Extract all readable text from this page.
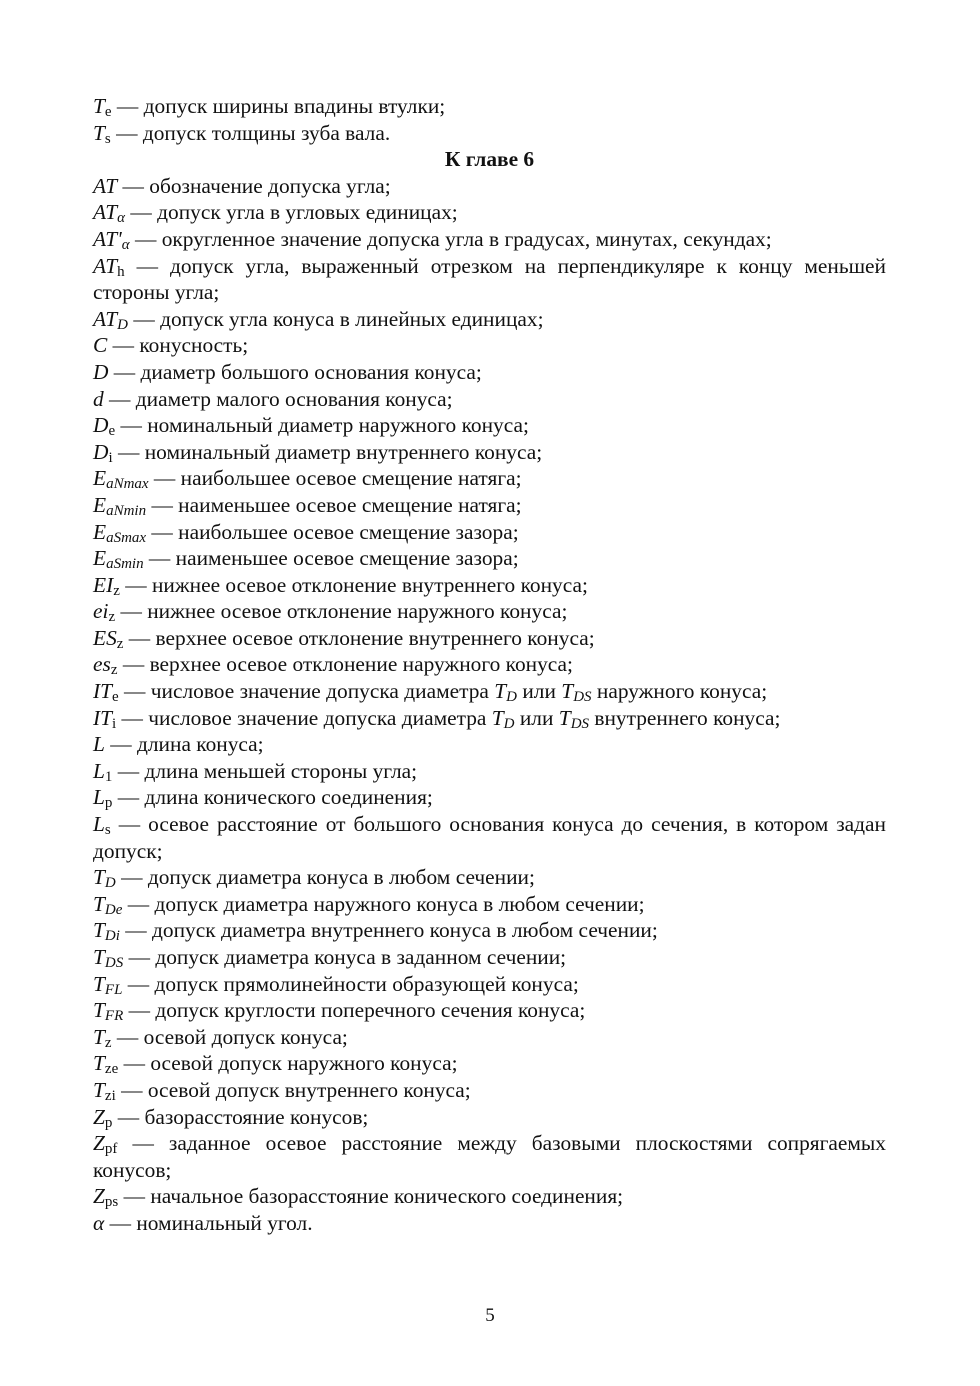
$T_e$ — допуск ширины впадины втулки;

$T_s$ — допуск толщины зуба вала.

К главе 6

AT — обозначение допуска угла;

$AT_\alpha$ — допуск угла в угловых единицах;

$AT'_\alpha$ — округленное значение допуска угла в градусах, минутах, секундах;

$AT_h$ — допуск угла, выраженный отрезком на перпендикуляре к концу меньшей стороны угла;

$AT_D$ — допуск угла конуса в линейных единицах;

C — конусность;

D — диаметр большого основания конуса;

d — диаметр малого основания конуса;

$D_e$ — номинальный диаметр наружного конуса;

$D_i$ — номинальный диаметр внутреннего конуса;

$E_{aNmax}$ — наибольшее осевое смещение натяга;

$E_{aNmin}$ — наименьшее осевое смещение натяга;

$E_{aSmax}$ — наибольшее осевое смещение зазора;

$E_{aSmin}$ — наименьшее осевое смещение зазора;

$EI_z$ — нижнее осевое отклонение внутреннего конуса;

$ei_z$ — нижнее осевое отклонение наружного конуса;

$ES_z$ — верхнее осевое отклонение внутреннего конуса;

$es_z$ — верхнее осевое отклонение наружного конуса;

$IT_e$ — числовое значение допуска диаметра $T_D$ или $T_{DS}$ наружного конуса;

$IT_i$ — числовое значение допуска диаметра $T_D$ или $T_{DS}$ внутреннего конуса;

L — длина конуса;

$L_1$ — длина меньшей стороны угла;

$L_p$ — длина конического соединения;

$L_s$ — осевое расстояние от большого основания конуса до сечения, в котором задан допуск;

$T_D$ — допуск диаметра конуса в любом сечении;

$T_{De}$ — допуск диаметра наружного конуса в любом сечении;

$T_{Di}$ — допуск диаметра внутреннего конуса в любом сечении;

$T_{DS}$ — допуск диаметра конуса в заданном сечении;

$T_{FL}$ — допуск прямолинейности образующей конуса;

$T_{FR}$ — допуск круглости поперечного сечения конуса;

$T_z$ — осевой допуск конуса;

$T_{ze}$ — осевой допуск наружного конуса;

$T_{zi}$ — осевой допуск внутреннего конуса;

$Z_p$ — базорасстояние конусов;

$Z_{pf}$ — заданное осевое расстояние между базовыми плоскостями сопрягаемых конусов;

$Z_{ps}$ — начальное базорасстояние конического соединения;

α — номинальный угол.

5
